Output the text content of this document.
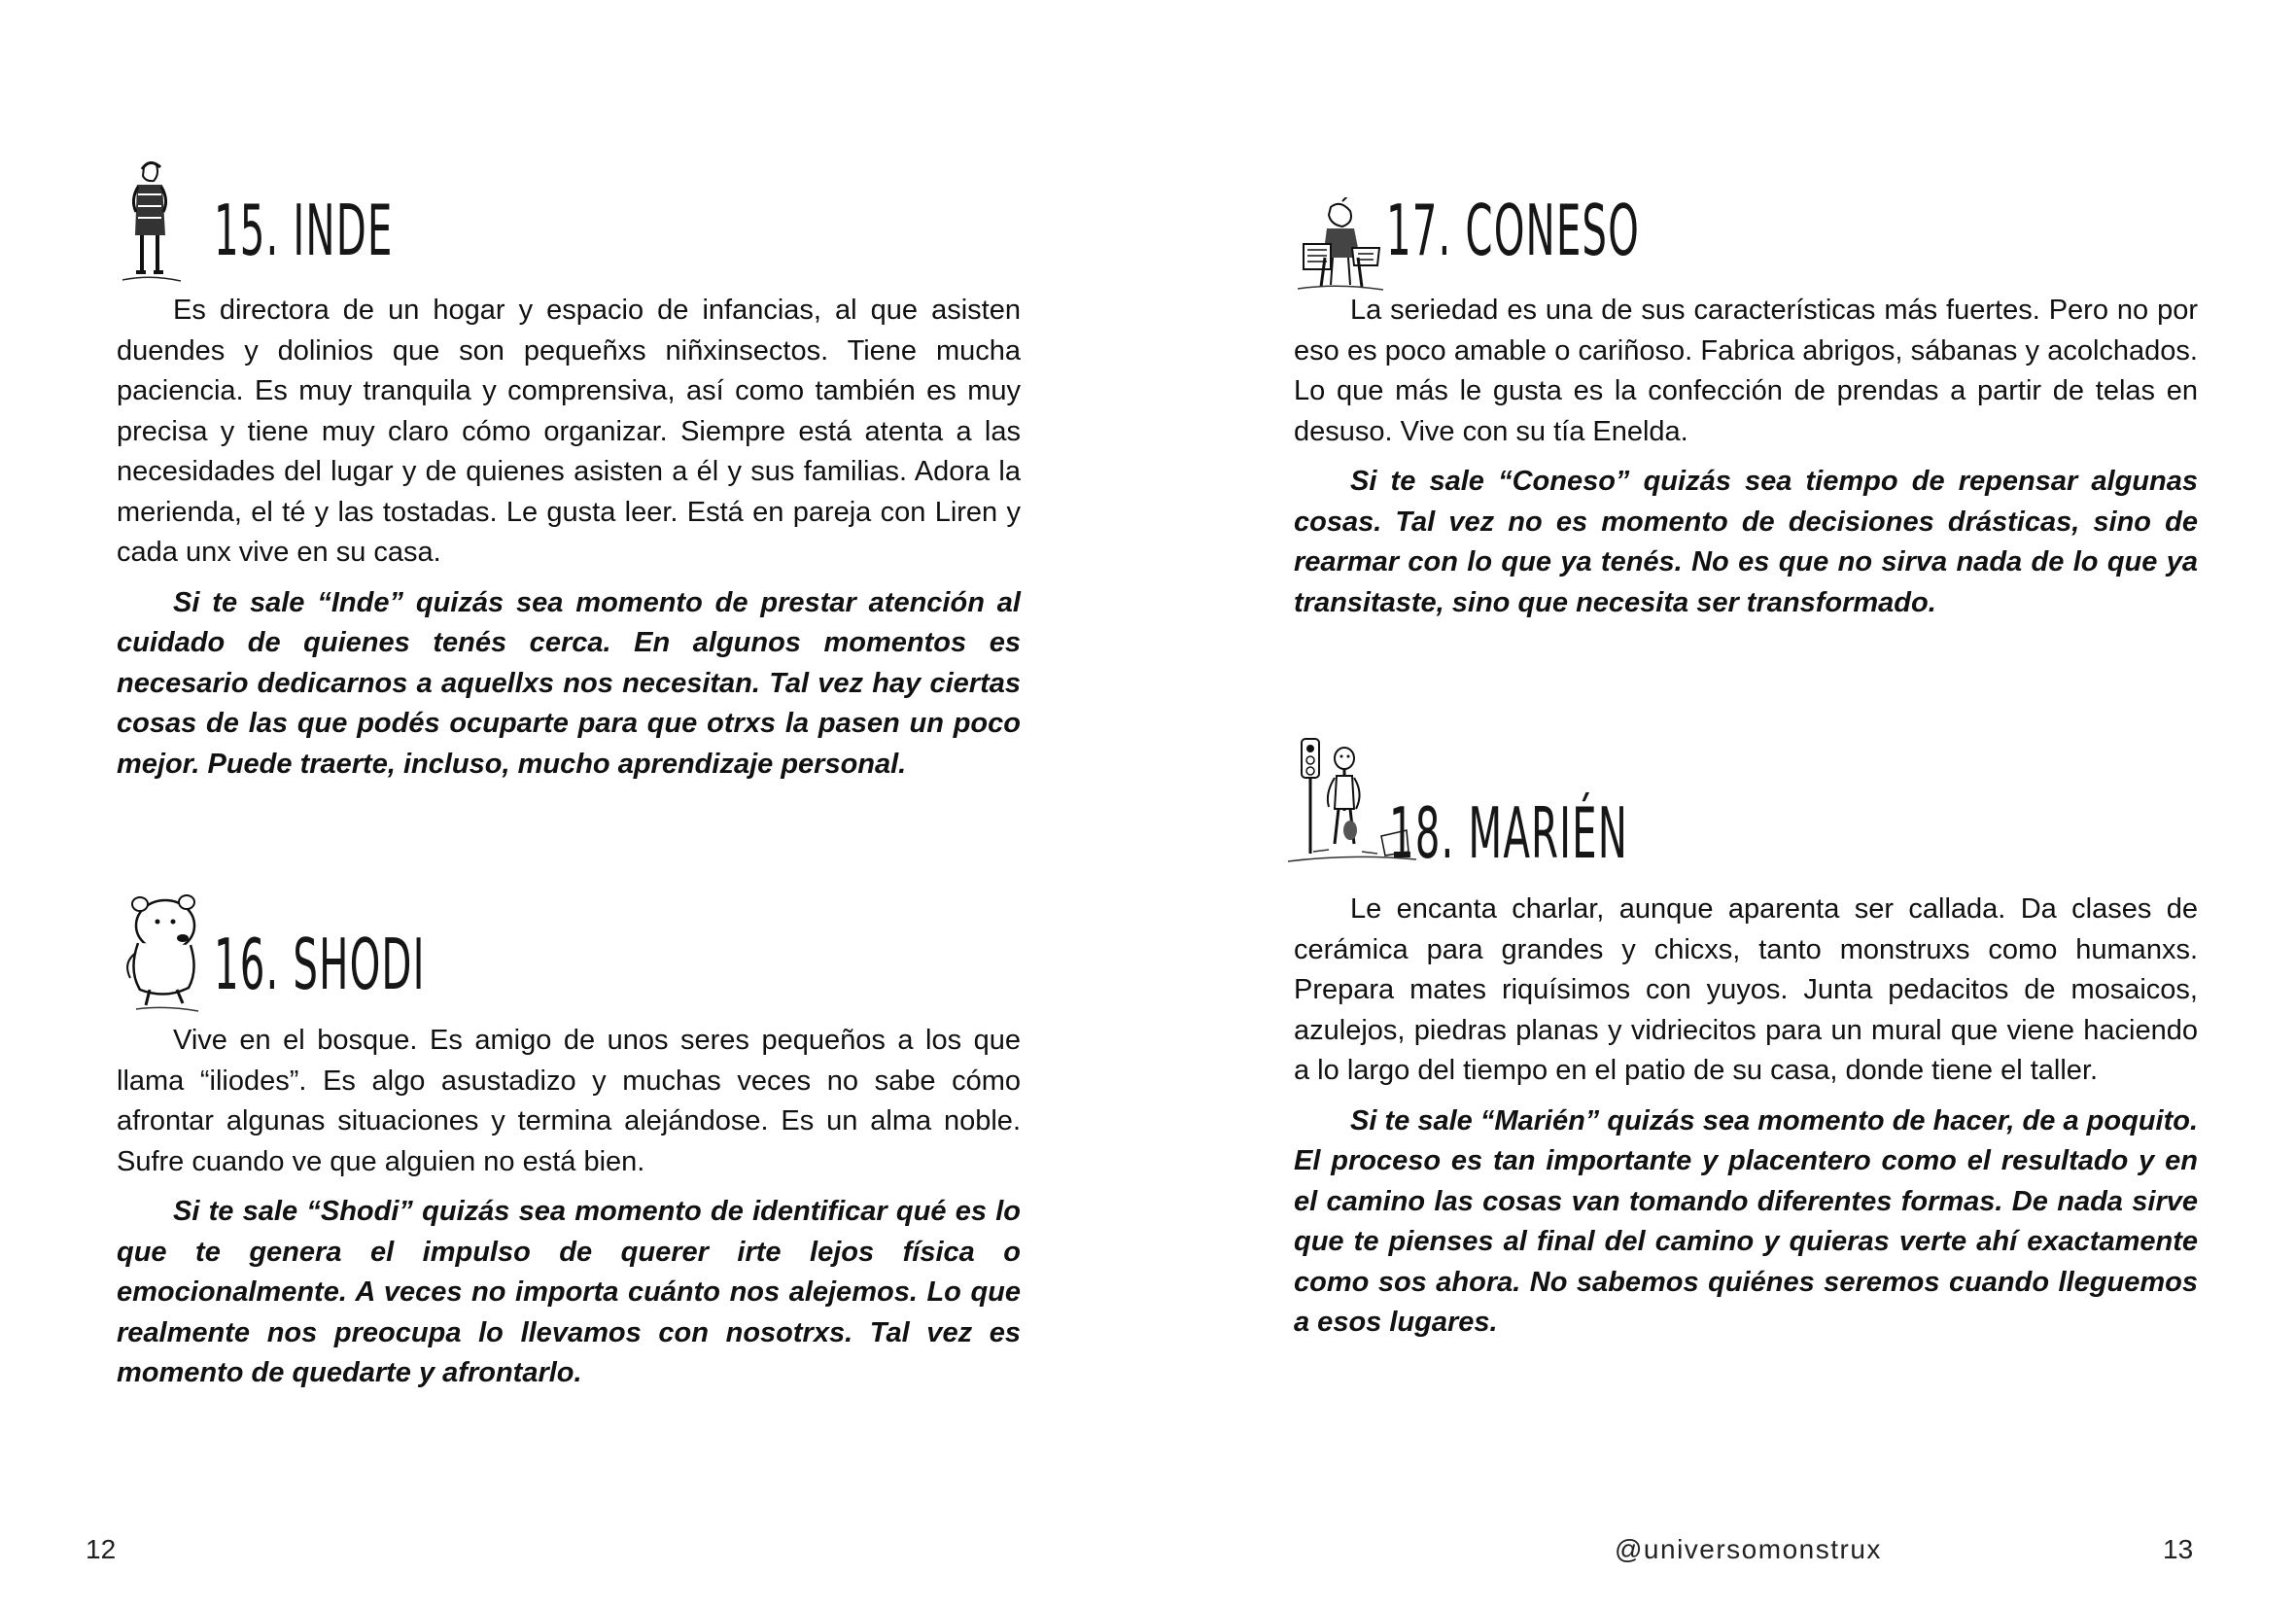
15. INDE

Es directora de un hogar y espacio de infancias, al que asisten duendes y dolinios que son pequeñxs niñxinsectos. Tiene mucha paciencia. Es muy tranquila y comprensiva, así como también es muy precisa y tiene muy claro cómo organizar. Siempre está atenta a las necesidades del lugar y de quienes asisten a él y sus familias. Adora la merienda, el té y las tostadas. Le gusta leer. Está en pareja con Liren y cada unx vive en su casa.

Si te sale “Inde” quizás sea momento de prestar atención al cuidado de quienes tenés cerca. En algunos momentos es necesario dedicarnos a aquellxs nos necesitan. Tal vez hay ciertas cosas de las que podés ocuparte para que otrxs la pasen un poco mejor. Puede traerte, incluso, mucho aprendizaje personal.

16. SHODI

Vive en el bosque. Es amigo de unos seres pequeños a los que llama “iliodes”. Es algo asustadizo y muchas veces no sabe cómo afrontar algunas situaciones y termina alejándose. Es un alma noble. Sufre cuando ve que alguien no está bien.

Si te sale “Shodi” quizás sea momento de identificar qué es lo que te genera el impulso de querer irte lejos física o emocionalmente. A veces no importa cuánto nos alejemos. Lo que realmente nos preocupa lo llevamos con nosotrxs. Tal vez es momento de quedarte y afrontarlo.

12
17. CONESO

La seriedad es una de sus características más fuertes. Pero no por eso es poco amable o cariñoso. Fabrica abrigos, sábanas y acolchados. Lo que más le gusta es la confección de prendas a partir de telas en desuso. Vive con su tía Enelda.

Si te sale “Coneso” quizás sea tiempo de repensar algunas cosas. Tal vez no es momento de decisiones drásticas, sino de rearmar con lo que ya tenés. No es que no sirva nada de lo que ya transitaste, sino que necesita ser transformado.

18. MARIÉN

Le encanta charlar, aunque aparenta ser callada. Da clases de cerámica para grandes y chicxs, tanto monstruxs como humanxs. Prepara mates riquísimos con yuyos. Junta pedacitos de mosaicos, azulejos, piedras planas y vidriecitos para un mural que viene haciendo a lo largo del tiempo en el patio de su casa, donde tiene el taller.

Si te sale “Marién” quizás sea momento de hacer, de a poquito. El proceso es tan importante y placentero como el resultado y en el camino las cosas van tomando diferentes formas. De nada sirve que te pienses al final del camino y quieras verte ahí exactamente como sos ahora. No sabemos quiénes seremos cuando lleguemos a esos lugares.

@universomonstrux	13
